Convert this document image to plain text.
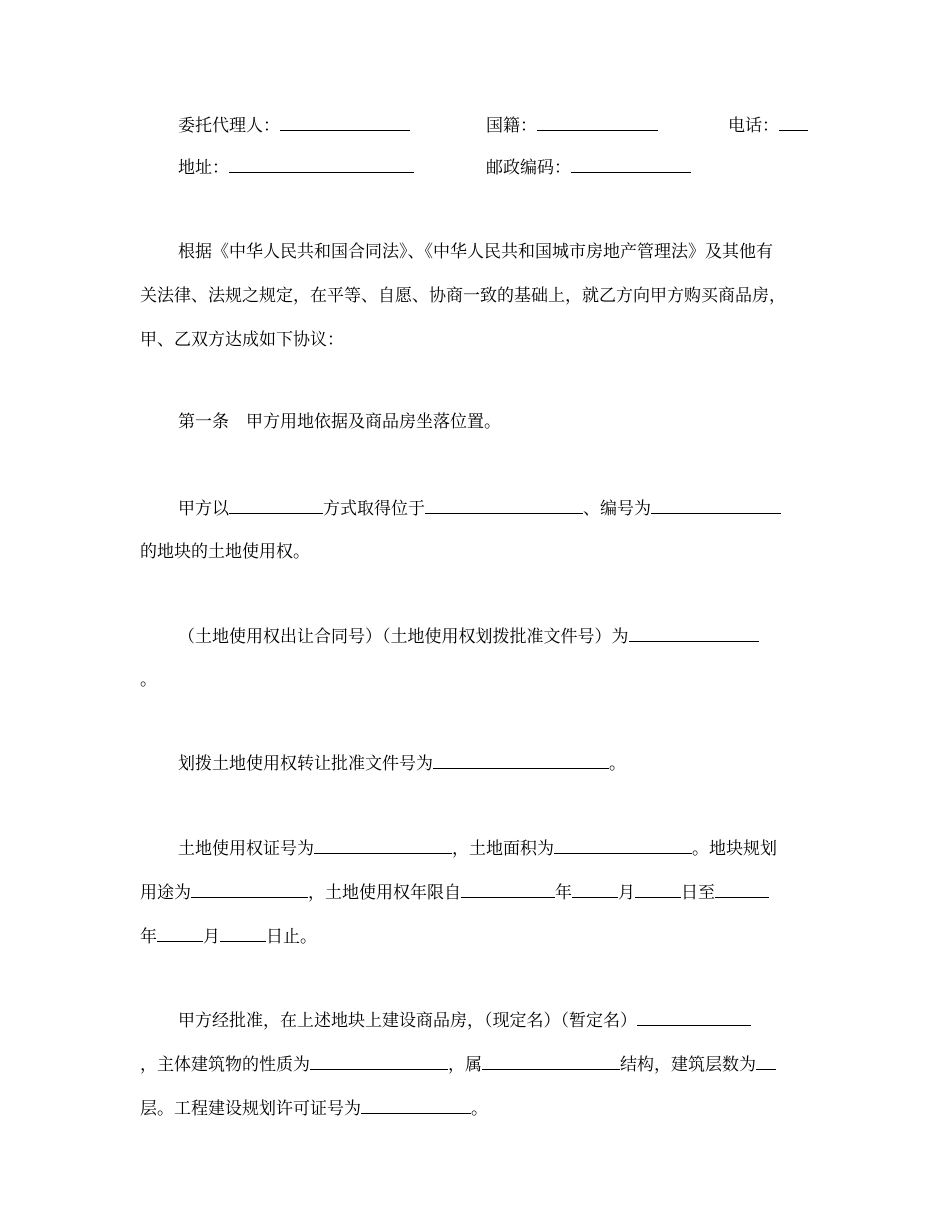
委托代理人：	国籍：	电话：
地址：	邮政编码：
根据《中华人民共和国合同法》、《中华人民共和国城市房地产管理法》及其他有
关法律、法规之规定，在平等、自愿、协商一致的基础上，就乙方向甲方购买商品房，
甲、乙双方达成如下协议：
第一条　甲方用地依据及商品房坐落位置。
甲方以	方式取得位于	、编号为
的地块的土地使用权。
（土地使用权出让合同号）（土地使用权划拨批准文件号）为
。
划拨土地使用权转让批准文件号为	。
土地使用权证号为	，土地面积为	。地块规划
用途为	，土地使用权年限自	年	月	日至
年	月	日止。
甲方经批准，在上述地块上建设商品房，（现定名）（暂定名）
，主体建筑物的性质为	，属	结构，建筑层数为
层。工程建设规划许可证号为	。
